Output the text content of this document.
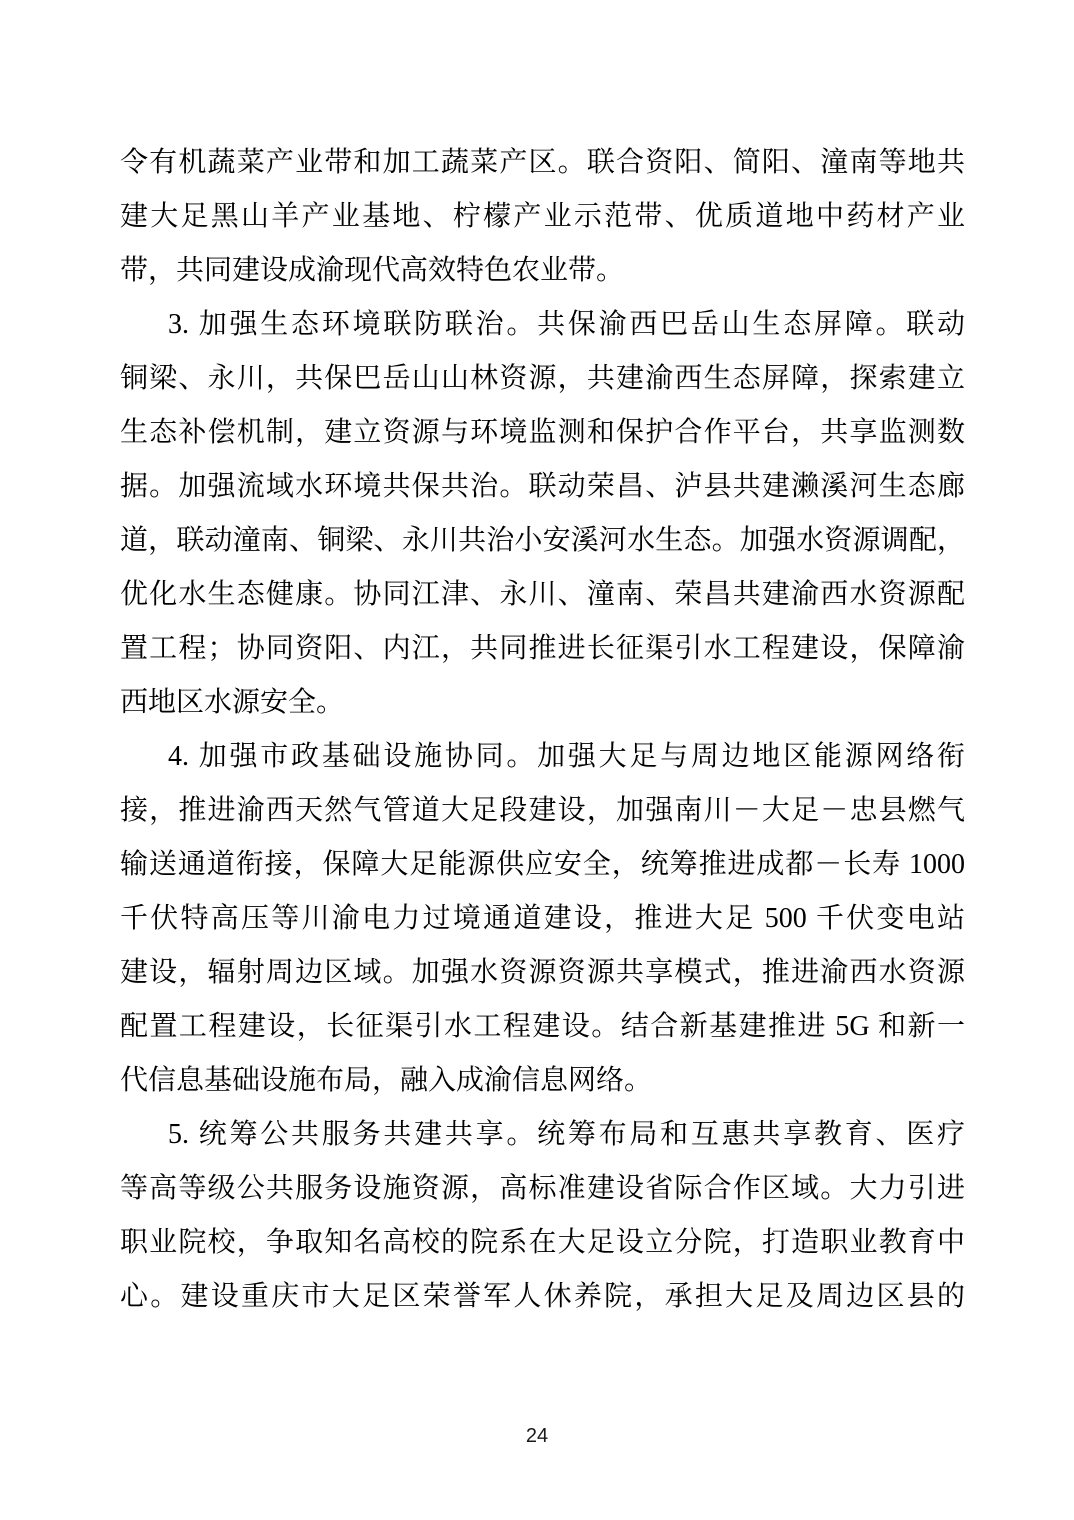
令有机蔬菜产业带和加工蔬菜产区。联合资阳、简阳、潼南等地共
建大足黑山羊产业基地、柠檬产业示范带、优质道地中药材产业
带，共同建设成渝现代高效特色农业带。
3. 加强生态环境联防联治。共保渝西巴岳山生态屏障。联动
铜梁、永川，共保巴岳山山林资源，共建渝西生态屏障，探索建立
生态补偿机制，建立资源与环境监测和保护合作平台，共享监测数
据。加强流域水环境共保共治。联动荣昌、泸县共建濑溪河生态廊
道，联动潼南、铜梁、永川共治小安溪河水生态。加强水资源调配，
优化水生态健康。协同江津、永川、潼南、荣昌共建渝西水资源配
置工程；协同资阳、内江，共同推进长征渠引水工程建设，保障渝
西地区水源安全。
4. 加强市政基础设施协同。加强大足与周边地区能源网络衔
接，推进渝西天然气管道大足段建设，加强南川－大足－忠县燃气
输送通道衔接，保障大足能源供应安全，统筹推进成都－长寿 1000
千伏特高压等川渝电力过境通道建设，推进大足 500 千伏变电站
建设，辐射周边区域。加强水资源资源共享模式，推进渝西水资源
配置工程建设，长征渠引水工程建设。结合新基建推进 5G 和新一
代信息基础设施布局，融入成渝信息网络。
5. 统筹公共服务共建共享。统筹布局和互惠共享教育、医疗
等高等级公共服务设施资源，高标准建设省际合作区域。大力引进
职业院校，争取知名高校的院系在大足设立分院，打造职业教育中
心。建设重庆市大足区荣誉军人休养院，承担大足及周边区县的
24
